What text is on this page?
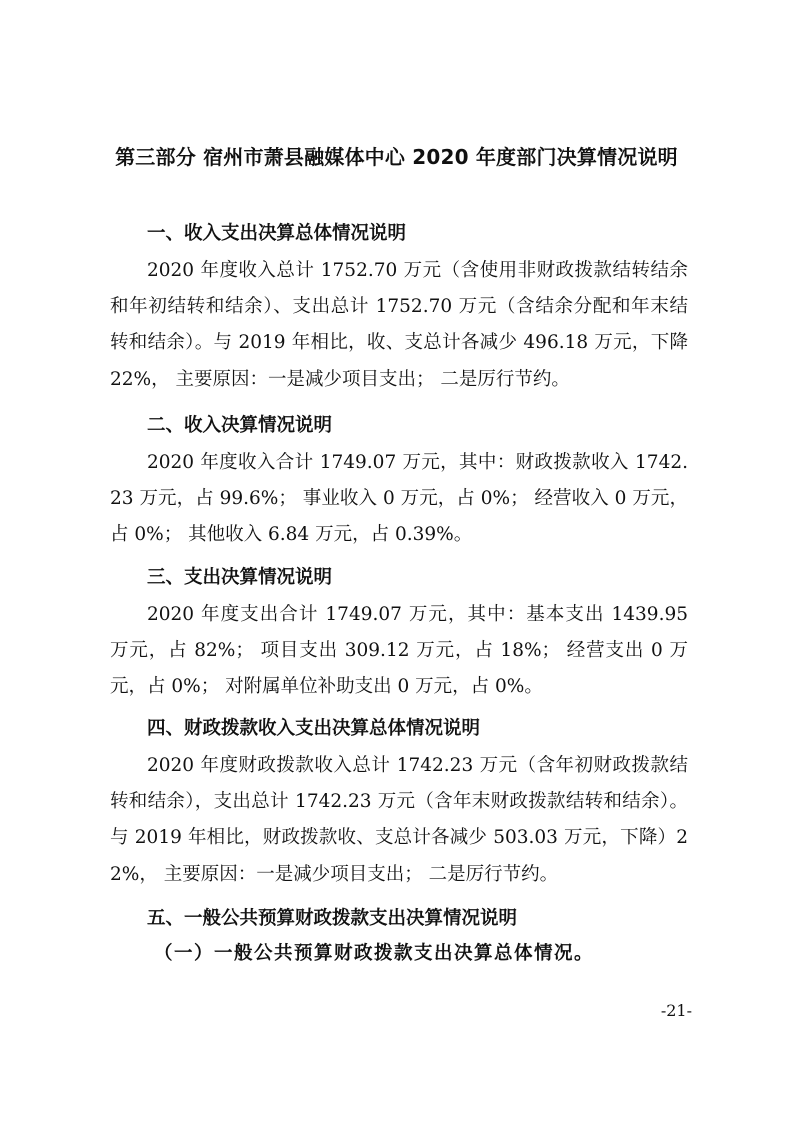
第三部分 宿州市萧县融媒体中心 2020 年度部门决算情况说明
一、收入支出决算总体情况说明
2020 年度收入总计 1752.70 万元（含使用非财政拨款结转结余和年初结转和结余）、支出总计 1752.70 万元（含结余分配和年末结转和结余）。与 2019 年相比，收、支总计各减少 496.18 万元，下降 22%， 主要原因：一是减少项目支出； 二是厉行节约。
二、收入决算情况说明
2020 年度收入合计 1749.07 万元，其中：财政拨款收入 1742.23 万元，占 99.6%； 事业收入 0 万元，占 0%； 经营收入 0 万元，占 0%； 其他收入 6.84 万元，占 0.39%。
三、支出决算情况说明
2020 年度支出合计 1749.07 万元，其中：基本支出 1439.95 万元，占 82%； 项目支出 309.12 万元，占 18%； 经营支出 0 万元，占 0%； 对附属单位补助支出 0 万元，占 0%。
四、财政拨款收入支出决算总体情况说明
2020 年度财政拨款收入总计 1742.23 万元（含年初财政拨款结转和结余），支出总计 1742.23 万元（含年末财政拨款结转和结余）。与 2019 年相比，财政拨款收、支总计各减少 503.03 万元，下降）22%， 主要原因：一是减少项目支出； 二是厉行节约。
五、一般公共预算财政拨款支出决算情况说明
（一）一般公共预算财政拨款支出决算总体情况。
-21-
